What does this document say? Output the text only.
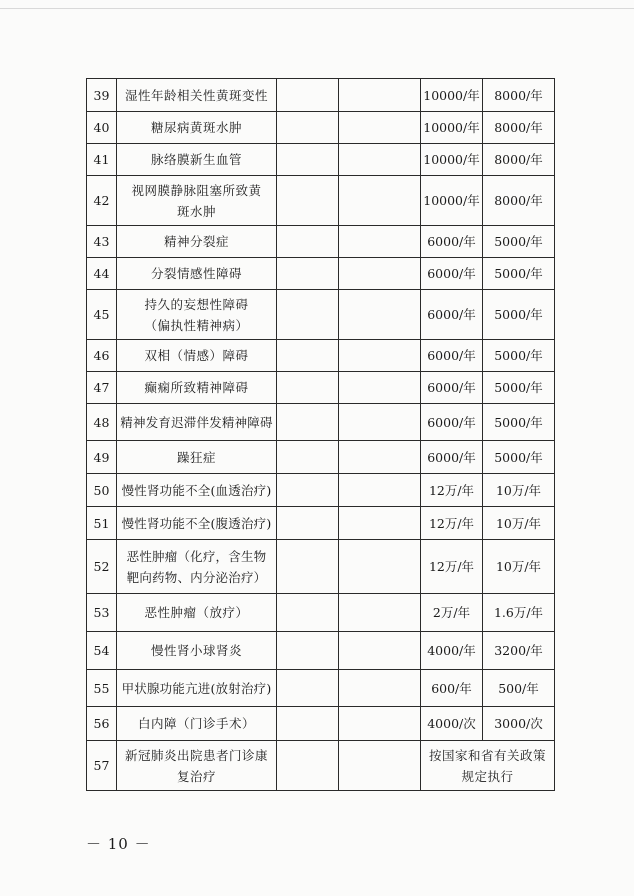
39	湿性年龄相关性黄斑变性			10000/年	8000/年
40	糖尿病黄斑水肿			10000/年	8000/年
41	脉络膜新生血管			10000/年	8000/年
42	视网膜静脉阻塞所致黄斑水肿			10000/年	8000/年
43	精神分裂症			6000/年	5000/年
44	分裂情感性障碍			6000/年	5000/年
45	持久的妄想性障碍（偏执性精神病）			6000/年	5000/年
46	双相（情感）障碍			6000/年	5000/年
47	癫痫所致精神障碍			6000/年	5000/年
48	精神发育迟滞伴发精神障碍			6000/年	5000/年
49	躁狂症			6000/年	5000/年
50	慢性肾功能不全(血透治疗)			12万/年	10万/年
51	慢性肾功能不全(腹透治疗)			12万/年	10万/年
52	恶性肿瘤（化疗，含生物靶向药物、内分泌治疗）			12万/年	10万/年
53	恶性肿瘤（放疗）			2万/年	1.6万/年
54	慢性肾小球肾炎			4000/年	3200/年
55	甲状腺功能亢进(放射治疗)			600/年	500/年
56	白内障（门诊手术）			4000/次	3000/次
57	新冠肺炎出院患者门诊康复治疗			按国家和省有关政策规定执行	
－ 10 －
